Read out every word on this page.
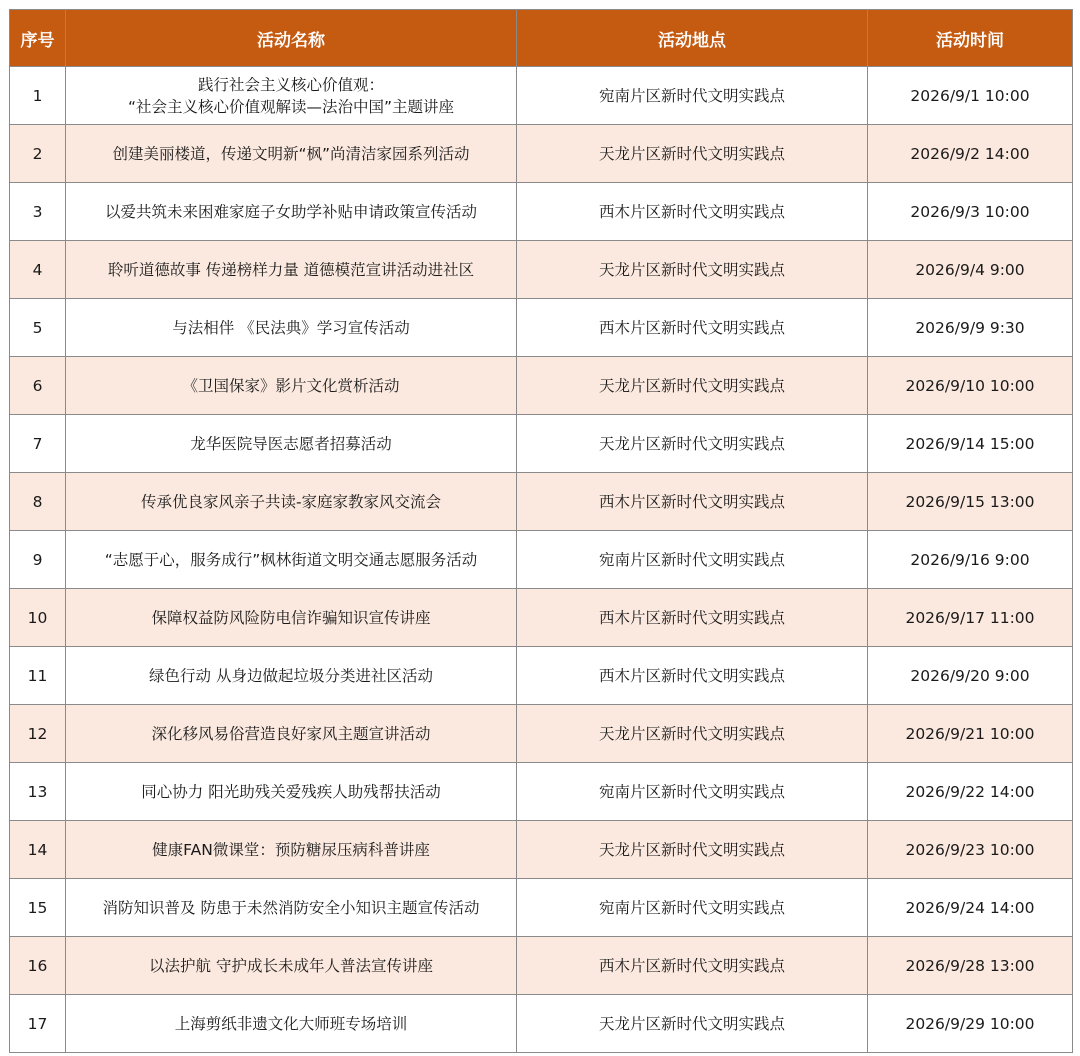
序号	活动名称	活动地点	活动时间
1	践行社会主义核心价值观：
“社会主义核心价值观解读—法治中国”主题讲座	宛南片区新时代文明实践点	2026/9/1 10:00
2	创建美丽楼道，传递文明新“枫”尚清洁家园系列活动	天龙片区新时代文明实践点	2026/9/2 14:00
3	以爱共筑未来困难家庭子女助学补贴申请政策宣传活动	西木片区新时代文明实践点	2026/9/3 10:00
4	聆听道德故事 传递榜样力量 道德模范宣讲活动进社区	天龙片区新时代文明实践点	2026/9/4 9:00
5	与法相伴 《民法典》学习宣传活动	西木片区新时代文明实践点	2026/9/9 9:30
6	《卫国保家》影片文化赏析活动	天龙片区新时代文明实践点	2026/9/10 10:00
7	龙华医院导医志愿者招募活动	天龙片区新时代文明实践点	2026/9/14 15:00
8	传承优良家风亲子共读-家庭家教家风交流会	西木片区新时代文明实践点	2026/9/15 13:00
9	“志愿于心，服务成行”枫林街道文明交通志愿服务活动	宛南片区新时代文明实践点	2026/9/16 9:00
10	保障权益防风险防电信诈骗知识宣传讲座	西木片区新时代文明实践点	2026/9/17 11:00
11	绿色行动 从身边做起垃圾分类进社区活动	西木片区新时代文明实践点	2026/9/20 9:00
12	深化移风易俗营造良好家风主题宣讲活动	天龙片区新时代文明实践点	2026/9/21 10:00
13	同心协力 阳光助残关爱残疾人助残帮扶活动	宛南片区新时代文明实践点	2026/9/22 14:00
14	健康FAN微课堂：预防糖尿压病科普讲座	天龙片区新时代文明实践点	2026/9/23 10:00
15	消防知识普及 防患于未然消防安全小知识主题宣传活动	宛南片区新时代文明实践点	2026/9/24 14:00
16	以法护航 守护成长未成年人普法宣传讲座	西木片区新时代文明实践点	2026/9/28 13:00
17	上海剪纸非遗文化大师班专场培训	天龙片区新时代文明实践点	2026/9/29 10:00
